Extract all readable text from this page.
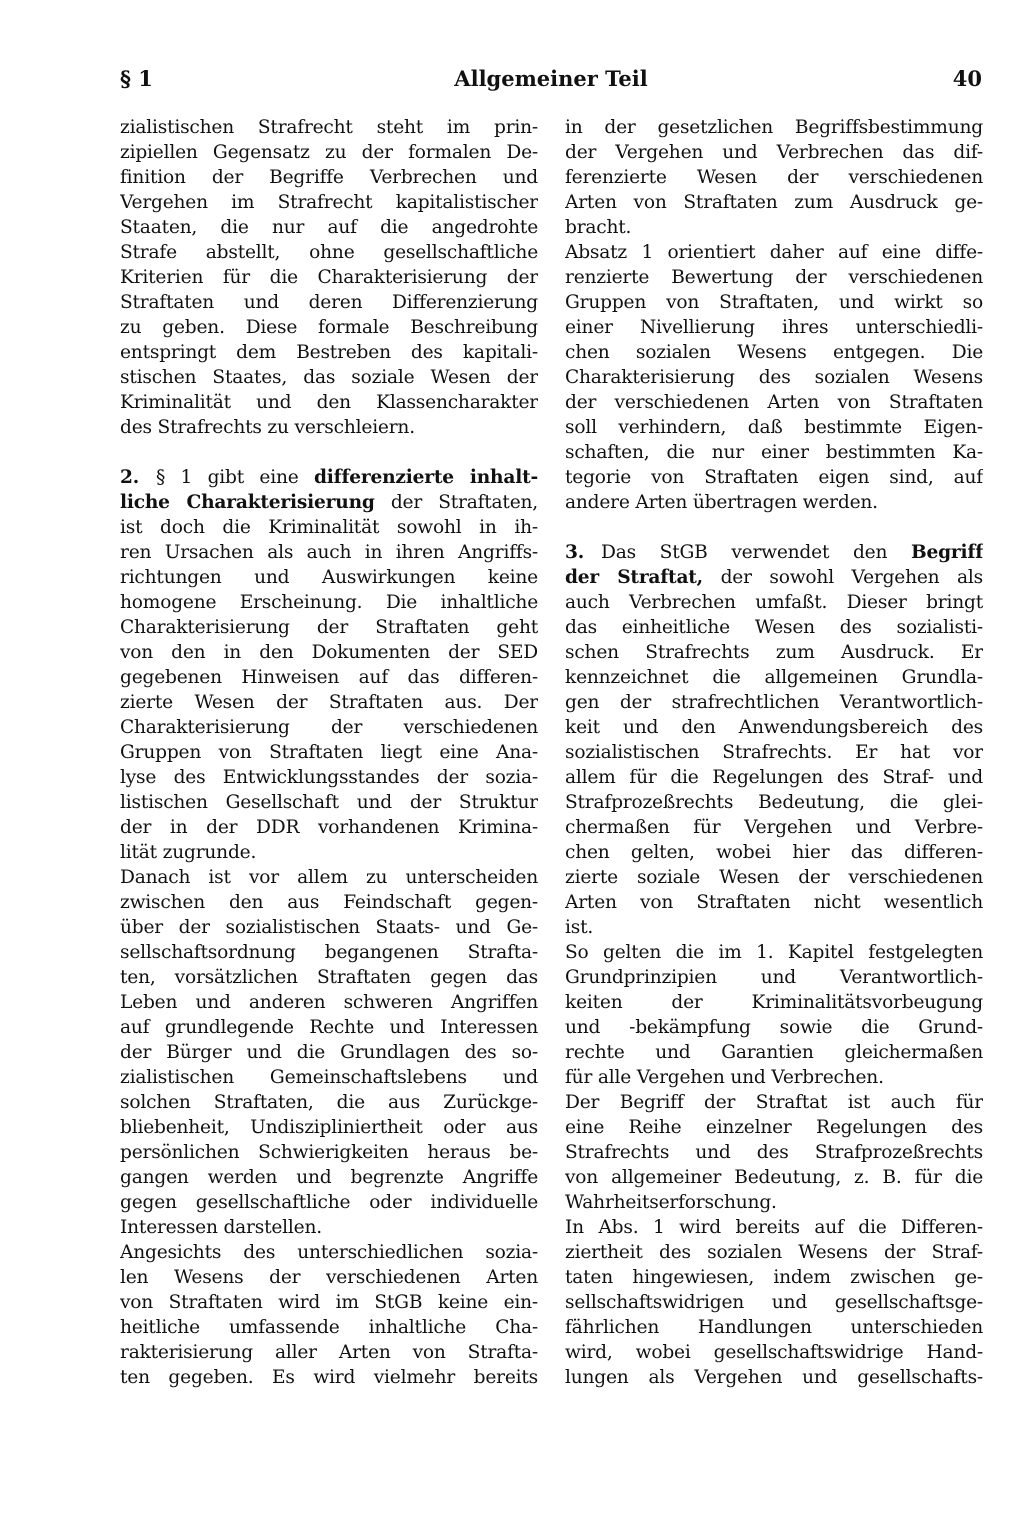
§ 1	Allgemeiner Teil	40
zialistischen Strafrecht steht im prin-
zipiellen Gegensatz zu der formalen De-
finition der Begriffe Verbrechen und
Vergehen im Strafrecht kapitalistischer
Staaten, die nur auf die angedrohte
Strafe abstellt, ohne gesellschaftliche
Kriterien für die Charakterisierung der
Straftaten und deren Differenzierung
zu geben. Diese formale Beschreibung
entspringt dem Bestreben des kapitali-
stischen Staates, das soziale Wesen der
Kriminalität und den Klassencharakter
des Strafrechts zu verschleiern.
2. § 1 gibt eine differenzierte inhalt-
liche Charakterisierung der Straftaten,
ist doch die Kriminalität sowohl in ih-
ren Ursachen als auch in ihren Angriffs-
richtungen und Auswirkungen keine
homogene Erscheinung. Die inhaltliche
Charakterisierung der Straftaten geht
von den in den Dokumenten der SED
gegebenen Hinweisen auf das differen-
zierte Wesen der Straftaten aus. Der
Charakterisierung der verschiedenen
Gruppen von Straftaten liegt eine Ana-
lyse des Entwicklungsstandes der sozia-
listischen Gesellschaft und der Struktur
der in der DDR vorhandenen Krimina-
lität zugrunde.
Danach ist vor allem zu unterscheiden
zwischen den aus Feindschaft gegen-
über der sozialistischen Staats- und Ge-
sellschaftsordnung begangenen Strafta-
ten, vorsätzlichen Straftaten gegen das
Leben und anderen schweren Angriffen
auf grundlegende Rechte und Interessen
der Bürger und die Grundlagen des so-
zialistischen Gemeinschaftslebens und
solchen Straftaten, die aus Zurückge-
bliebenheit, Undiszipliniertheit oder aus
persönlichen Schwierigkeiten heraus be-
gangen werden und begrenzte Angriffe
gegen gesellschaftliche oder individuelle
Interessen darstellen.
Angesichts des unterschiedlichen sozia-
len Wesens der verschiedenen Arten
von Straftaten wird im StGB keine ein-
heitliche umfassende inhaltliche Cha-
rakterisierung aller Arten von Strafta-
ten gegeben. Es wird vielmehr bereits
in der gesetzlichen Begriffsbestimmung
der Vergehen und Verbrechen das dif-
ferenzierte Wesen der verschiedenen
Arten von Straftaten zum Ausdruck ge-
bracht.
Absatz 1 orientiert daher auf eine diffe-
renzierte Bewertung der verschiedenen
Gruppen von Straftaten, und wirkt so
einer Nivellierung ihres unterschiedli-
chen sozialen Wesens entgegen. Die
Charakterisierung des sozialen Wesens
der verschiedenen Arten von Straftaten
soll verhindern, daß bestimmte Eigen-
schaften, die nur einer bestimmten Ka-
tegorie von Straftaten eigen sind, auf
andere Arten übertragen werden.
3. Das StGB verwendet den Begriff
der Straftat, der sowohl Vergehen als
auch Verbrechen umfaßt. Dieser bringt
das einheitliche Wesen des sozialisti-
schen Strafrechts zum Ausdruck. Er
kennzeichnet die allgemeinen Grundla-
gen der strafrechtlichen Verantwortlich-
keit und den Anwendungsbereich des
sozialistischen Strafrechts. Er hat vor
allem für die Regelungen des Straf- und
Strafprozeßrechts Bedeutung, die glei-
chermaßen für Vergehen und Verbre-
chen gelten, wobei hier das differen-
zierte soziale Wesen der verschiedenen
Arten von Straftaten nicht wesentlich
ist.
So gelten die im 1. Kapitel festgelegten
Grundprinzipien und Verantwortlich-
keiten der Kriminalitätsvorbeugung
und -bekämpfung sowie die Grund-
rechte und Garantien gleichermaßen
für alle Vergehen und Verbrechen.
Der Begriff der Straftat ist auch für
eine Reihe einzelner Regelungen des
Strafrechts und des Strafprozeßrechts
von allgemeiner Bedeutung, z. B. für die
Wahrheitserforschung.
In Abs. 1 wird bereits auf die Differen-
ziertheit des sozialen Wesens der Straf-
taten hingewiesen, indem zwischen ge-
sellschaftswidrigen und gesellschaftsge-
fährlichen Handlungen unterschieden
wird, wobei gesellschaftswidrige Hand-
lungen als Vergehen und gesellschafts-
